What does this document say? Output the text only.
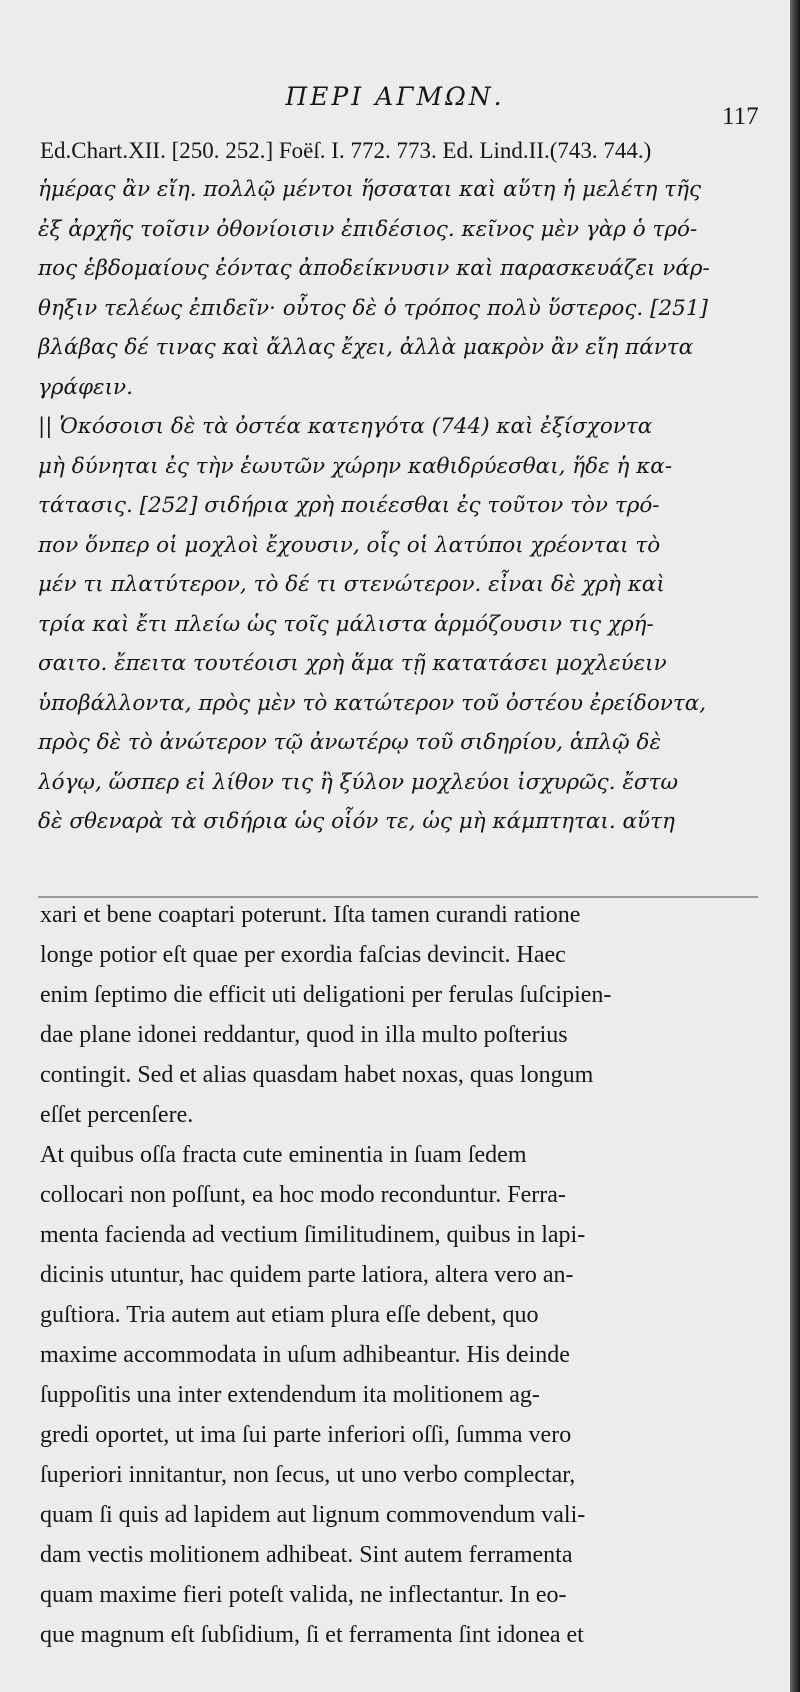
ΠΕΡΙ ΑΓΜΩΝ.
117
Ed.Chart.XII. [250. 252.] Foëſ. I. 772. 773. Ed. Lind.II.(743. 744.)
ἡμέρας ἂν εἴη. πολλῷ μέντοι ἥσσαται καὶ αὕτη ἡ μελέτη τῆς
ἐξ ἀρχῆς τοῖσιν ὀθονίοισιν ἐπιδέσιος. κεῖνος μὲν γὰρ ὁ τρό-
πος ἑβδομαίους ἐόντας ἀποδείκνυσιν καὶ παρασκευάζει νάρ-
θηξιν τελέως ἐπιδεῖν· οὗτος δὲ ὁ τρόπος πολὺ ὕστερος. [251]
βλάβας δέ τινας καὶ ἄλλας ἔχει, ἀλλὰ μακρὸν ἂν εἴη πάντα
γράφειν.
|| Ὁκόσοισι δὲ τὰ ὀστέα κατεηγότα (744) καὶ ἐξίσχοντα
μὴ δύνηται ἐς τὴν ἑωυτῶν χώρην καθιδρύεσθαι, ἥδε ἡ κα-
τάτασις. [252] σιδήρια χρὴ ποιέεσθαι ἐς τοῦτον τὸν τρό-
πον ὅνπερ οἱ μοχλοὶ ἔχουσιν, οἷς οἱ λατύποι χρέονται τὸ
μέν τι πλατύτερον, τὸ δέ τι στενώτερον. εἶναι δὲ χρὴ καὶ
τρία καὶ ἔτι πλείω ὡς τοῖς μάλιστα ἁρμόζουσιν τις χρή-
σαιτο. ἔπειτα τουτέοισι χρὴ ἅμα τῇ κατατάσει μοχλεύειν
ὑποβάλλοντα, πρὸς μὲν τὸ κατώτερον τοῦ ὀστέου ἐρείδοντα,
πρὸς δὲ τὸ ἀνώτερον τῷ ἀνωτέρῳ τοῦ σιδηρίου, ἁπλῷ δὲ
λόγῳ, ὥσπερ εἰ λίθον τις ἢ ξύλον μοχλεύοι ἰσχυρῶς. ἔστω
δὲ σθεναρὰ τὰ σιδήρια ὡς οἷόν τε, ὡς μὴ κάμπτηται. αὕτη
xari et bene coaptari poterunt. Iſta tamen curandi ratione
longe potior eſt quae per exordia faſcias devincit. Haec
enim ſeptimo die efficit uti deligationi per ferulas ſuſcipien-
dae plane idonei reddantur, quod in illa multo poſterius
contingit. Sed et alias quasdam habet noxas, quas longum
eſſet percenſere.
At quibus oſſa fracta cute eminentia in ſuam ſedem
collocari non poſſunt, ea hoc modo reconduntur. Ferra-
menta facienda ad vectium ſimilitudinem, quibus in lapi-
dicinis utuntur, hac quidem parte latiora, altera vero an-
guſtiora. Tria autem aut etiam plura eſſe debent, quo
maxime accommodata in uſum adhibeantur. His deinde
ſuppoſitis una inter extendendum ita molitionem ag-
gredi oportet, ut ima ſui parte inferiori oſſi, ſumma vero
ſuperiori innitantur, non ſecus, ut uno verbo complectar,
quam ſi quis ad lapidem aut lignum commovendum vali-
dam vectis molitionem adhibeat. Sint autem ferramenta
quam maxime fieri poteſt valida, ne inflectantur. In eo-
que magnum eſt ſubſidium, ſi et ferramenta ſint idonea et
